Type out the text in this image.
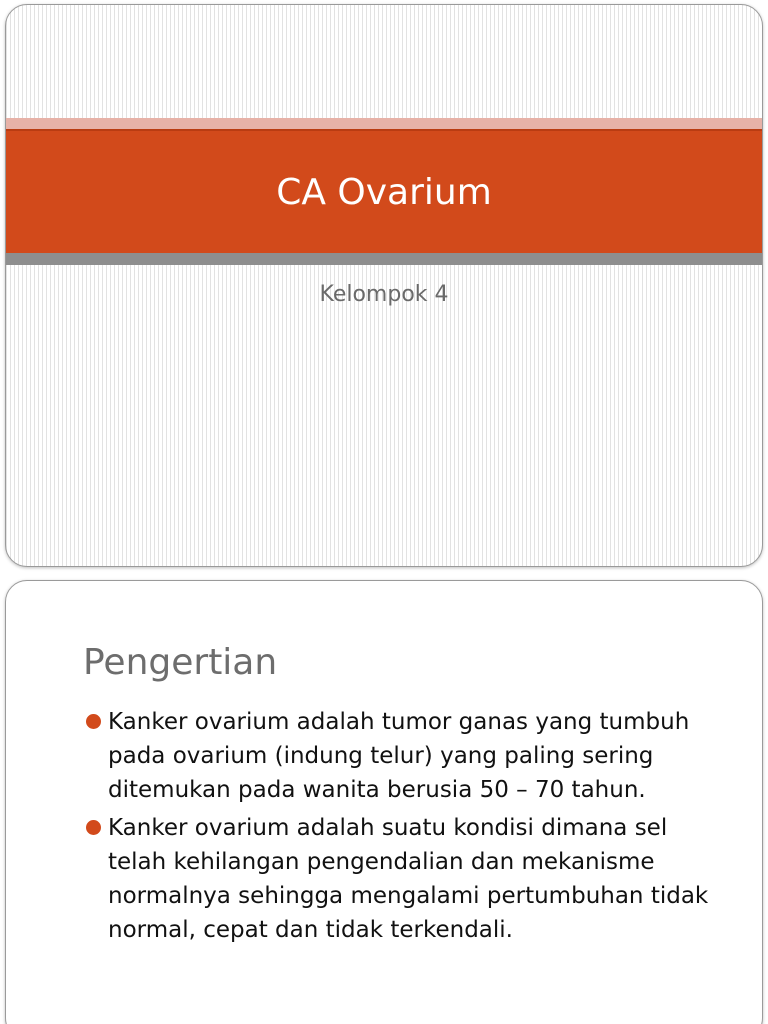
CA Ovarium
Kelompok 4
Pengertian
Kanker ovarium adalah tumor ganas yang tumbuh pada ovarium (indung telur) yang paling sering ditemukan pada wanita berusia 50 – 70 tahun.
Kanker ovarium adalah suatu kondisi dimana sel telah kehilangan pengendalian dan mekanisme normalnya sehingga mengalami pertumbuhan tidak normal, cepat dan tidak terkendali.
